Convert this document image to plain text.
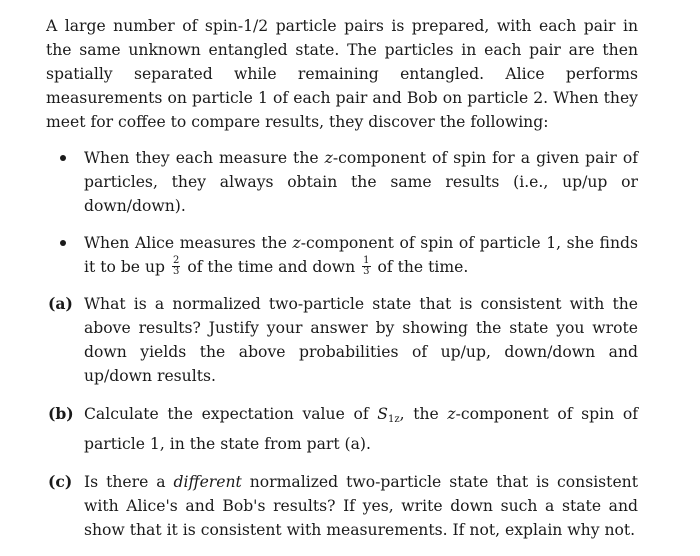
A large number of spin-1/2 particle pairs is prepared, with each pair in the same unknown entangled state. The particles in each pair are then spatially separated while remaining entangled. Alice performs measurements on particle 1 of each pair and Bob on particle 2. When they meet for coffee to compare results, they discover the following:

When they each measure the z-component of spin for a given pair of particles, they always obtain the same results (i.e., up/up or down/down).
When Alice measures the z-component of spin of particle 1, she finds it to be up $\frac{2}{3}$ of the time and down $\frac{1}{3}$ of the time.
(a) What is a normalized two-particle state that is consistent with the above results? Justify your answer by showing the state you wrote down yields the above probabilities of up/up, down/down and up/down results.
(b) Calculate the expectation value of $S_{1z}$, the z-component of spin of particle 1, in the state from part (a).
(c) Is there a different normalized two-particle state that is consistent with Alice's and Bob's results? If yes, write down such a state and show that it is consistent with measurements. If not, explain why not.
